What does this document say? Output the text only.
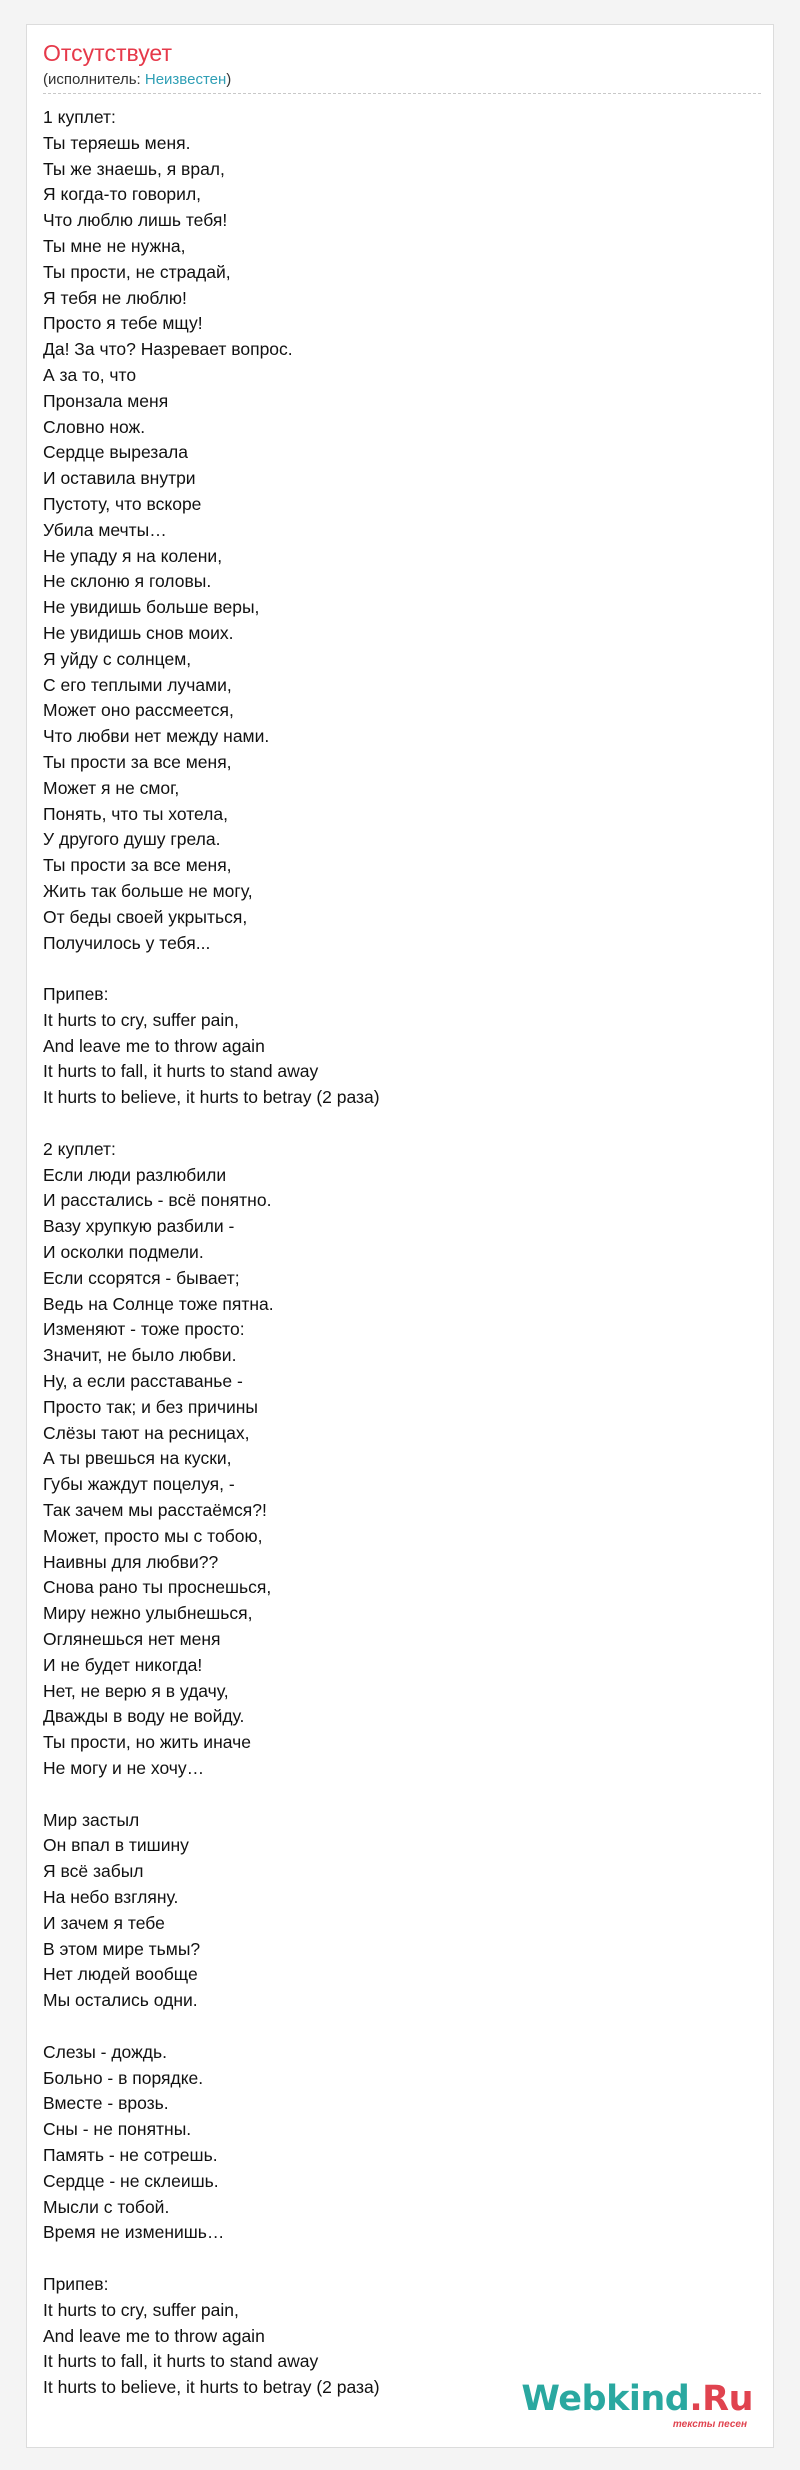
Отсутствует
(исполнитель: Неизвестен)
1 куплет:
Ты теряешь меня.
Ты же знаешь, я врал,
Я когда-то говорил,
Что люблю лишь тебя!
Ты мне не нужна,
Ты прости, не страдай,
Я тебя не люблю!
Просто я тебе мщу!
Да! За что? Назревает вопрос.
А за то, что
Пронзала меня
Словно нож.
Сердце вырезала
И оставила внутри
Пустоту, что вскоре
Убила мечты…
Не упаду я на колени,
Не склоню я головы.
Не увидишь больше веры,
Не увидишь снов моих.
Я уйду с солнцем,
С его теплыми лучами,
Может оно рассмеется,
Что любви нет между нами.
Ты прости за все меня,
Может я не смог,
Понять, что ты хотела,
У другого душу грела.
Ты прости за все меня,
Жить так больше не могу,
От беды своей укрыться,
Получилось у тебя...

Припев:
It hurts to cry, suffer pain,
And leave me to throw again
It hurts to fall, it hurts to stand away
It hurts to believe, it hurts to betray (2 раза)

2 куплет:
Если люди разлюбили
И расстались - всё понятно.
Вазу хрупкую разбили -
И осколки подмели.
Если ссорятся - бывает;
Ведь на Солнце тоже пятна.
Изменяют - тоже просто:
Значит, не было любви.
Ну, а если расставанье -
Просто так; и без причины
Слёзы тают на ресницах,
А ты рвешься на куски,
Губы жаждут поцелуя, -
Так зачем мы расстаёмся?!
Может, просто мы с тобою,
Наивны для любви??
Снова рано ты проснешься,
Миру нежно улыбнешься,
Оглянешься нет меня
И не будет никогда!
Нет, не верю я в удачу,
Дважды в воду не войду.
Ты прости, но жить иначе
Не могу и не хочу…

Мир застыл
Он впал в тишину
Я всё забыл
На небо взгляну.
И зачем я тебе
В этом мире тьмы?
Нет людей вообще
Мы остались одни.

Слезы - дождь.
Больно - в порядке.
Вместе - врозь.
Сны - не понятны.
Память - не сотрешь.
Сердце - не склеишь.
Мысли с тобой.
Время не изменишь…

Припев:
It hurts to cry, suffer pain,
And leave me to throw again
It hurts to fall, it hurts to stand away
It hurts to believe, it hurts to betray (2 раза)	Webkind.Ru
тексты песен
